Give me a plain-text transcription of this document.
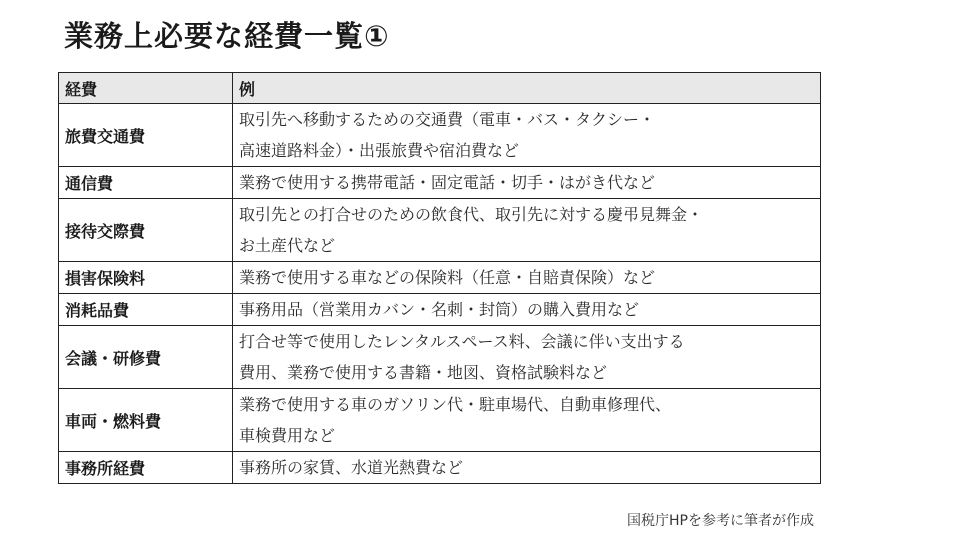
業務上必要な経費一覧①
経費	例
旅費交通費	取引先へ移動するための交通費（電車・バス・タクシー・
高速道路料金）・出張旅費や宿泊費など

通信費	業務で使用する携帯電話・固定電話・切手・はがき代など

接待交際費	取引先との打合せのための飲食代、取引先に対する慶弔見舞金・
お土産代など

損害保険料	業務で使用する車などの保険料（任意・自賠責保険）など

消耗品費	事務用品（営業用カバン・名刺・封筒）の購入費用など

会議・研修費	打合せ等で使用したレンタルスペース料、会議に伴い支出する
費用、業務で使用する書籍・地図、資格試験料など

車両・燃料費	業務で使用する車のガソリン代・駐車場代、自動車修理代、
車検費用など

事務所経費	事務所の家賃、水道光熱費など
国税庁HPを参考に筆者が作成
